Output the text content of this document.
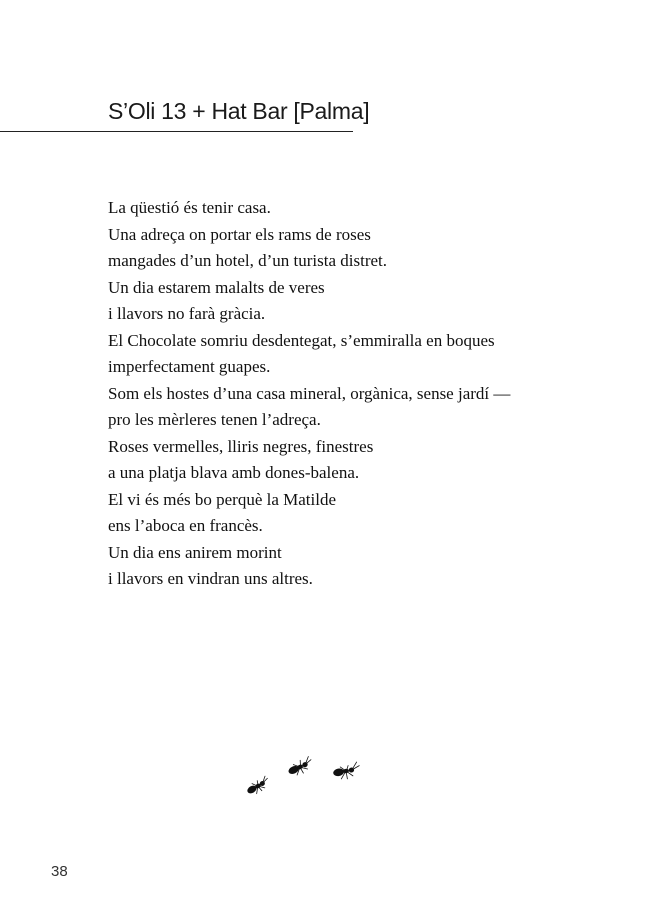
S’Oli 13 + Hat Bar [Palma]
La qüestió és tenir casa.
Una adreça on portar els rams de roses
mangades d’un hotel, d’un turista distret.
Un dia estarem malalts de veres
i llavors no farà gràcia.
El Chocolate somriu desdentegat, s’emmiralla en boques
imperfectament guapes.
Som els hostes d’una casa mineral, orgànica, sense jardí —
pro les mèrleres tenen l’adreça.
Roses vermelles, lliris negres, finestres
a una platja blava amb dones-balena.
El vi és més bo perquè la Matilde
ens l’aboca en francès.
Un dia ens anirem morint
i llavors en vindran uns altres.
38
